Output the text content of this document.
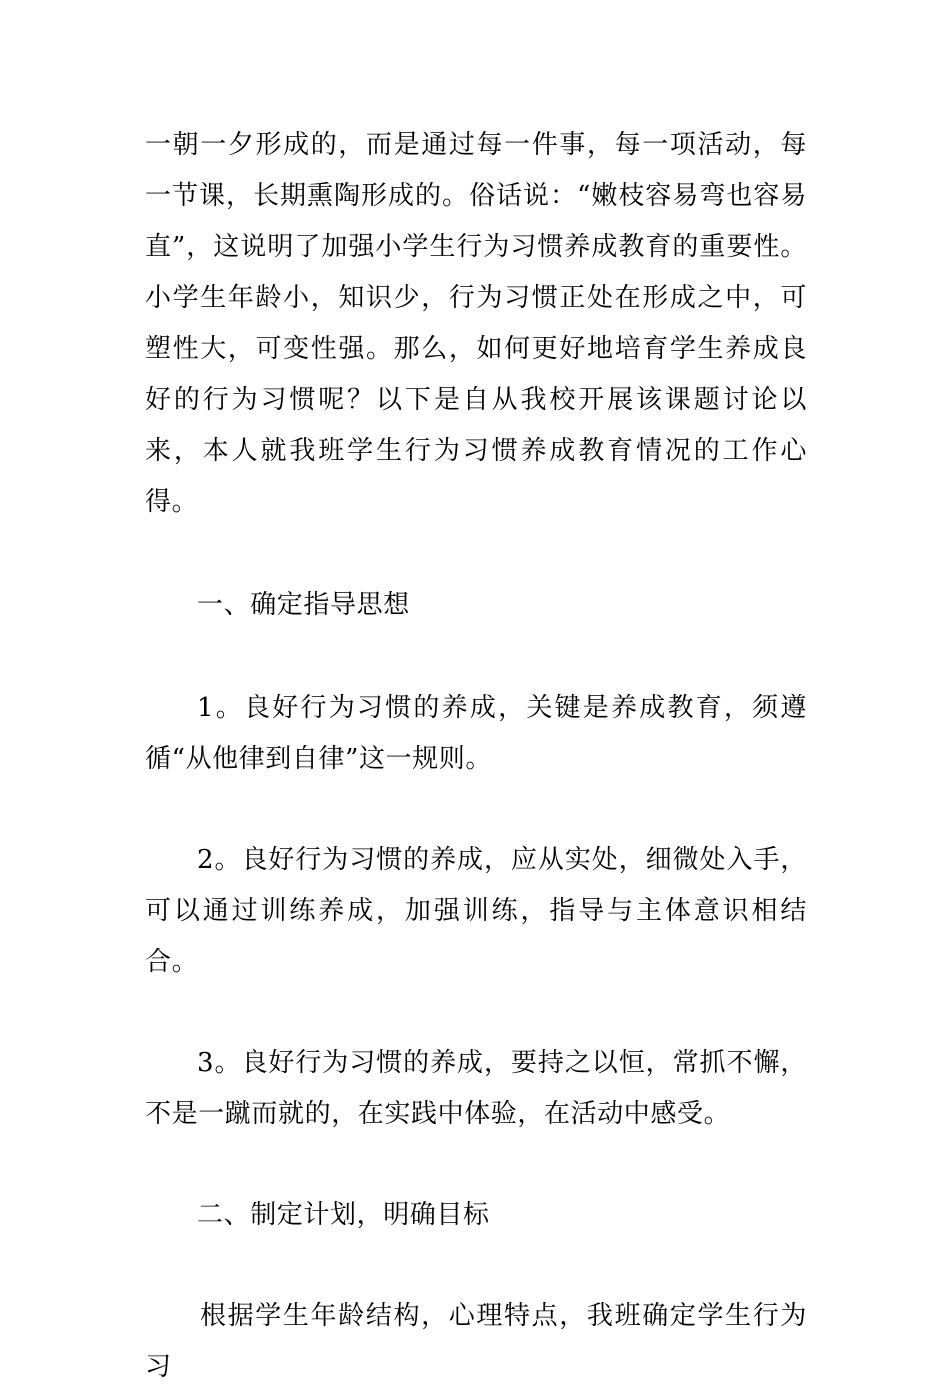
一朝一夕形成的，而是通过每一件事，每一项活动，每一节课，长期熏陶形成的。俗话说：“嫩枝容易弯也容易直”，这说明了加强小学生行为习惯养成教育的重要性。小学生年龄小，知识少，行为习惯正处在形成之中，可塑性大，可变性强。那么，如何更好地培育学生养成良好的行为习惯呢？以下是自从我校开展该课题讨论以来，本人就我班学生行为习惯养成教育情况的工作心得。

一、确定指导思想

1。良好行为习惯的养成，关键是养成教育，须遵循“从他律到自律”这一规则。

2。良好行为习惯的养成，应从实处，细微处入手，可以通过训练养成，加强训练，指导与主体意识相结合。

3。良好行为习惯的养成，要持之以恒，常抓不懈，不是一蹴而就的，在实践中体验，在活动中感受。

二、制定计划，明确目标

根据学生年龄结构，心理特点，我班确定学生行为习
